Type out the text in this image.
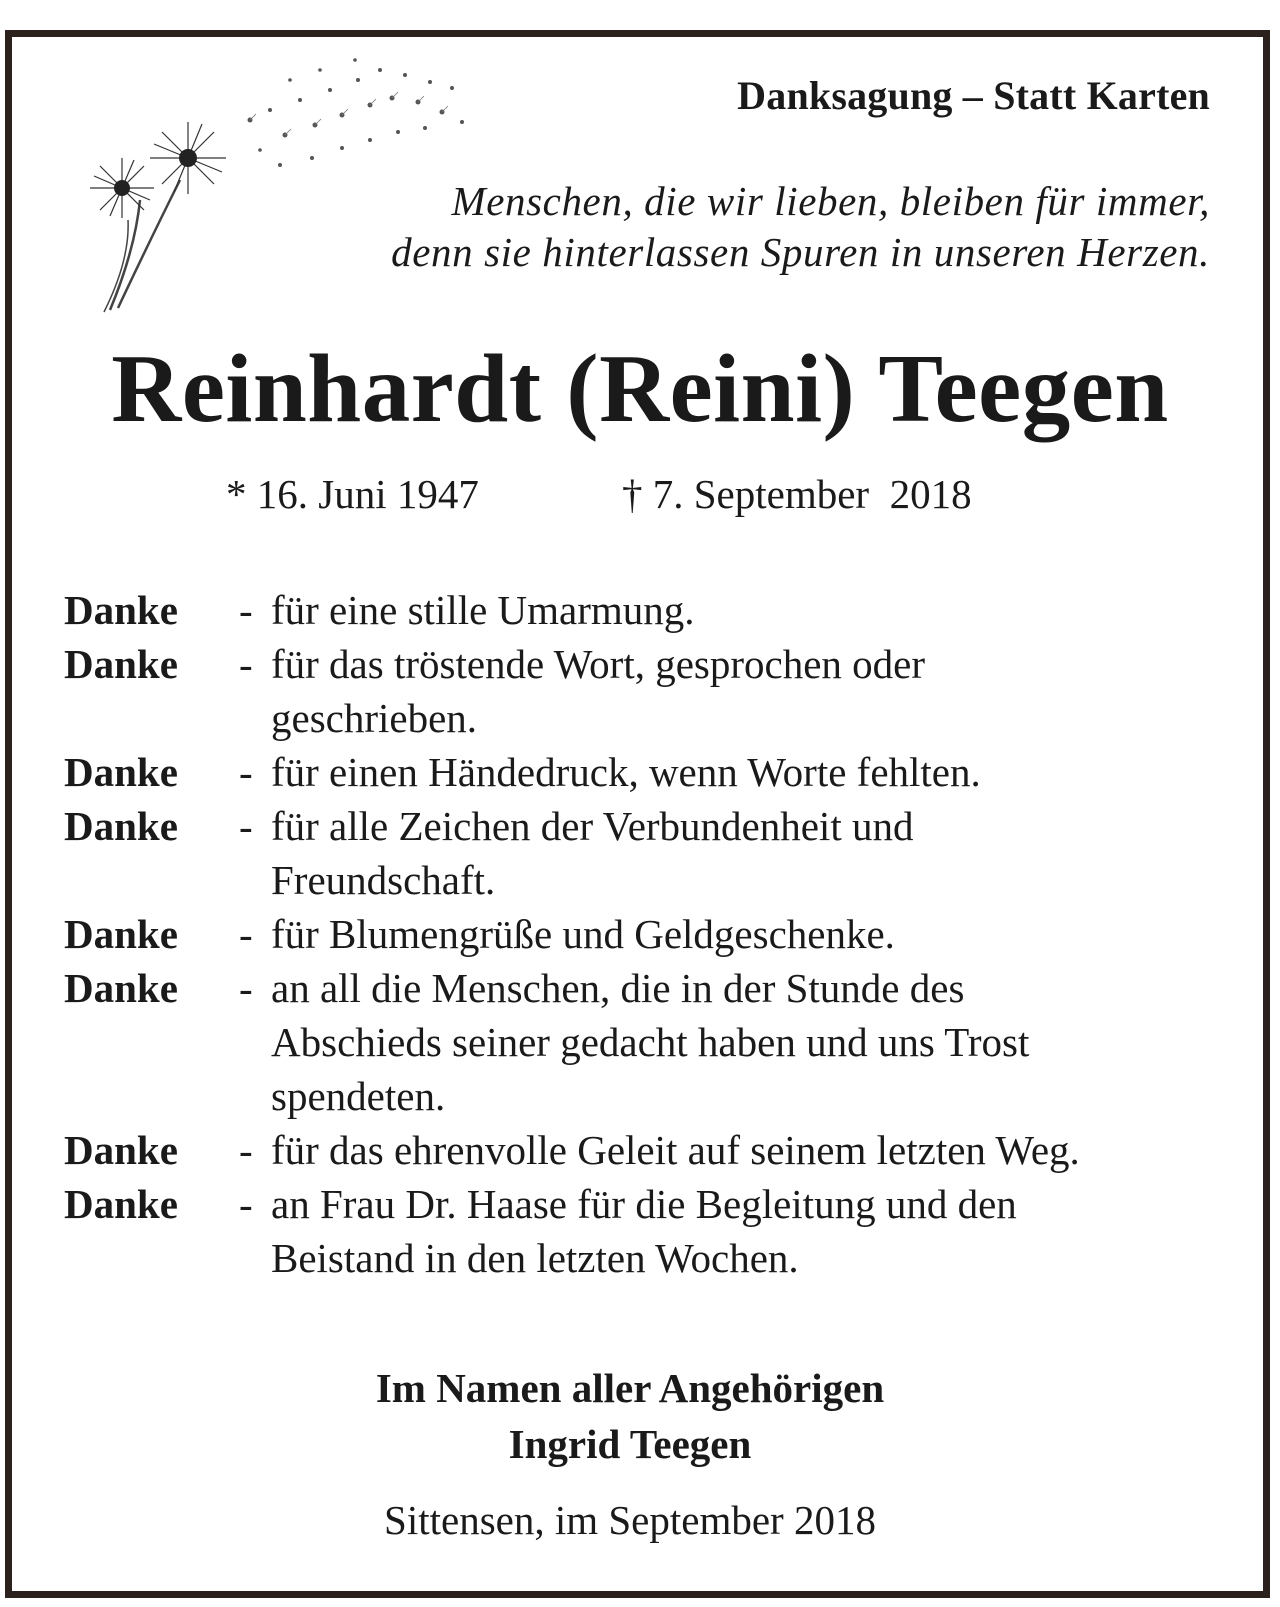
Danksagung – Statt Karten
Menschen, die wir lieben, bleiben für immer,
denn sie hinterlassen Spuren in unseren Herzen.
Reinhardt (Reini) Teegen
* 16. Juni 1947	† 7. September  2018
Danke	- für eine stille Umarmung.
Danke	- für das tröstende Wort, gesprochen oder
geschrieben.
Danke	- für einen Händedruck, wenn Worte fehlten.
Danke	- für alle Zeichen der Verbundenheit und
Freundschaft.
Danke	- für Blumengrüße und Geldgeschenke.
Danke	- an all die Menschen, die in der Stunde des
Abschieds seiner gedacht haben und uns Trost
spendeten.
Danke	- für das ehrenvolle Geleit auf seinem letzten Weg.
Danke	- an Frau Dr. Haase für die Begleitung und den
Beistand in den letzten Wochen.
Im Namen aller Angehörigen
Ingrid Teegen
Sittensen, im September 2018
